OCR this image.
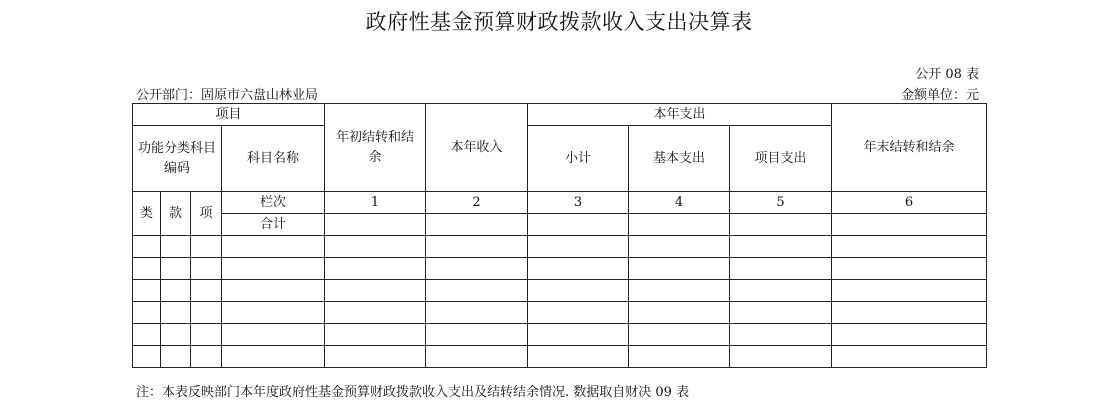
政府性基金预算财政拨款收入支出决算表
公开 08 表
公开部门：固原市六盘山林业局	金额单位：元
项目				年初结转和结余	本年收入	本年支出			年末结转和结余

功能分类科目编码			科目名称			小计	基本支出	项目支出	
类	款	项	栏次	1	2	3	4	5	6
			合计						

注：本表反映部门本年度政府性基金预算财政拨款收入支出及结转结余情况. 数据取自财决 09 表
